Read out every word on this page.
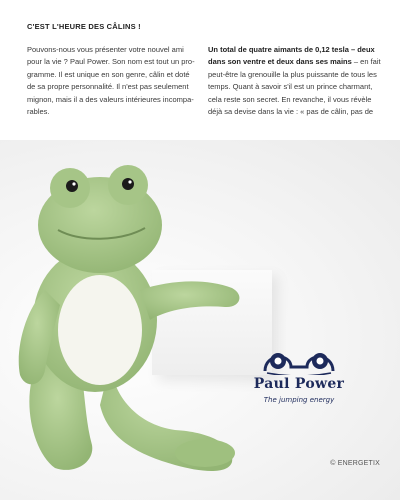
C'EST L'HEURE DES CÂLINS !
Pouvons-nous vous présenter votre nouvel ami
pour la vie ? Paul Power. Son nom est tout un pro-
gramme. Il est unique en son genre, câlin et doté
de sa propre personnalité. Il n'est pas seulement
mignon, mais il a des valeurs intérieures incompa-
rables.
Un total de quatre aimants de 0,12 tesla – deux
dans son ventre et deux dans ses mains – en fait
peut-être la grenouille la plus puissante de tous les
temps. Quant à savoir s'il est un prince charmant,
cela reste son secret. En revanche, il vous révèle
déjà sa devise dans la vie : « pas de câlin, pas de
Paul Power
The jumping energy
© ENERGETIX
